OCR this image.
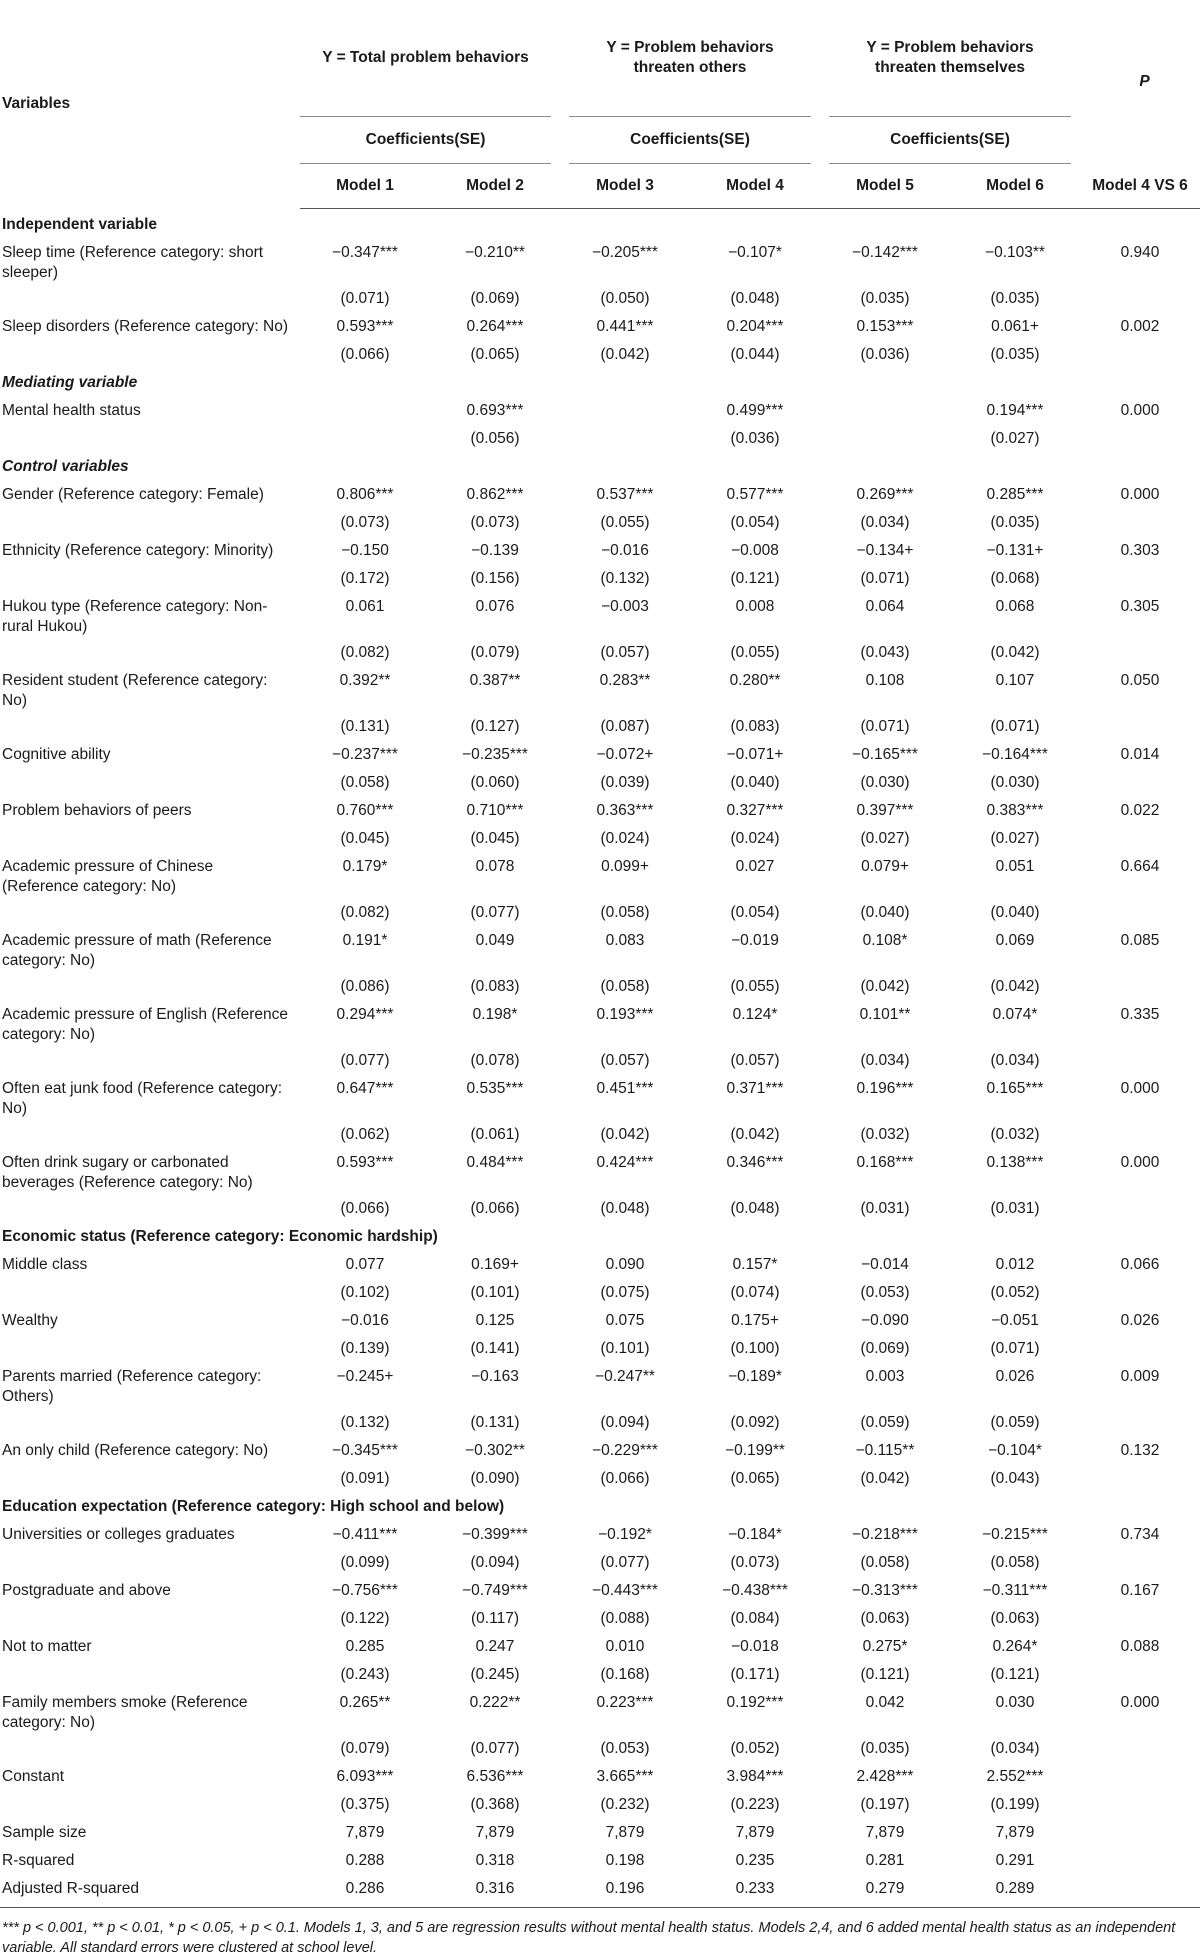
Variables	Y = Total problem behaviors		Y = Problem behaviors
threaten others		Y = Problem behaviors
threaten themselves		P
	Coefficients(SE)		Coefficients(SE)		Coefficients(SE)		
	Model 1	Model 2	Model 3	Model 4	Model 5	Model 6	Model 4 VS 6
Independent variable							
Sleep time (Reference category: short sleeper)	−0.347***	−0.210**	−0.205***	−0.107*	−0.142***	−0.103**	0.940
	(0.071)	(0.069)	(0.050)	(0.048)	(0.035)	(0.035)	
Sleep disorders (Reference category: No)	0.593***	0.264***	0.441***	0.204***	0.153***	0.061+	0.002
	(0.066)	(0.065)	(0.042)	(0.044)	(0.036)	(0.035)	
Mediating variable							
Mental health status		0.693***		0.499***		0.194***	0.000
		(0.056)		(0.036)		(0.027)	
Control variables							
Gender (Reference category: Female)	0.806***	0.862***	0.537***	0.577***	0.269***	0.285***	0.000
	(0.073)	(0.073)	(0.055)	(0.054)	(0.034)	(0.035)	
Ethnicity (Reference category: Minority)	−0.150	−0.139	−0.016	−0.008	−0.134+	−0.131+	0.303
	(0.172)	(0.156)	(0.132)	(0.121)	(0.071)	(0.068)	
Hukou type (Reference category: Non-rural Hukou)	0.061	0.076	−0.003	0.008	0.064	0.068	0.305
	(0.082)	(0.079)	(0.057)	(0.055)	(0.043)	(0.042)	
Resident student (Reference category: No)	0.392**	0.387**	0.283**	0.280**	0.108	0.107	0.050
	(0.131)	(0.127)	(0.087)	(0.083)	(0.071)	(0.071)	
Cognitive ability	−0.237***	−0.235***	−0.072+	−0.071+	−0.165***	−0.164***	0.014
	(0.058)	(0.060)	(0.039)	(0.040)	(0.030)	(0.030)	
Problem behaviors of peers	0.760***	0.710***	0.363***	0.327***	0.397***	0.383***	0.022
	(0.045)	(0.045)	(0.024)	(0.024)	(0.027)	(0.027)	
Academic pressure of Chinese (Reference category: No)	0.179*	0.078	0.099+	0.027	0.079+	0.051	0.664
	(0.082)	(0.077)	(0.058)	(0.054)	(0.040)	(0.040)	
Academic pressure of math (Reference category: No)	0.191*	0.049	0.083	−0.019	0.108*	0.069	0.085
	(0.086)	(0.083)	(0.058)	(0.055)	(0.042)	(0.042)	
Academic pressure of English (Reference category: No)	0.294***	0.198*	0.193***	0.124*	0.101**	0.074*	0.335
	(0.077)	(0.078)	(0.057)	(0.057)	(0.034)	(0.034)	
Often eat junk food (Reference category: No)	0.647***	0.535***	0.451***	0.371***	0.196***	0.165***	0.000
	(0.062)	(0.061)	(0.042)	(0.042)	(0.032)	(0.032)	
Often drink sugary or carbonated beverages (Reference category: No)	0.593***	0.484***	0.424***	0.346***	0.168***	0.138***	0.000
	(0.066)	(0.066)	(0.048)	(0.048)	(0.031)	(0.031)	
Economic status (Reference category: Economic hardship)							
Middle class	0.077	0.169+	0.090	0.157*	−0.014	0.012	0.066
	(0.102)	(0.101)	(0.075)	(0.074)	(0.053)	(0.052)	
Wealthy	−0.016	0.125	0.075	0.175+	−0.090	−0.051	0.026
	(0.139)	(0.141)	(0.101)	(0.100)	(0.069)	(0.071)	
Parents married (Reference category: Others)	−0.245+	−0.163	−0.247**	−0.189*	0.003	0.026	0.009
	(0.132)	(0.131)	(0.094)	(0.092)	(0.059)	(0.059)	
An only child (Reference category: No)	−0.345***	−0.302**	−0.229***	−0.199**	−0.115**	−0.104*	0.132
	(0.091)	(0.090)	(0.066)	(0.065)	(0.042)	(0.043)	
Education expectation (Reference category: High school and below)							
Universities or colleges graduates	−0.411***	−0.399***	−0.192*	−0.184*	−0.218***	−0.215***	0.734
	(0.099)	(0.094)	(0.077)	(0.073)	(0.058)	(0.058)	
Postgraduate and above	−0.756***	−0.749***	−0.443***	−0.438***	−0.313***	−0.311***	0.167
	(0.122)	(0.117)	(0.088)	(0.084)	(0.063)	(0.063)	
Not to matter	0.285	0.247	0.010	−0.018	0.275*	0.264*	0.088
	(0.243)	(0.245)	(0.168)	(0.171)	(0.121)	(0.121)	
Family members smoke (Reference category: No)	0.265**	0.222**	0.223***	0.192***	0.042	0.030	0.000
	(0.079)	(0.077)	(0.053)	(0.052)	(0.035)	(0.034)	
Constant	6.093***	6.536***	3.665***	3.984***	2.428***	2.552***	
	(0.375)	(0.368)	(0.232)	(0.223)	(0.197)	(0.199)	
Sample size	7,879	7,879	7,879	7,879	7,879	7,879	
R-squared	0.288	0.318	0.198	0.235	0.281	0.291	
Adjusted R-squared	0.286	0.316	0.196	0.233	0.279	0.289	
*** p < 0.001, ** p < 0.01, * p < 0.05, + p < 0.1. Models 1, 3, and 5 are regression results without mental health status. Models 2,4, and 6 added mental health status as an independent variable. All standard errors were clustered at school level.
